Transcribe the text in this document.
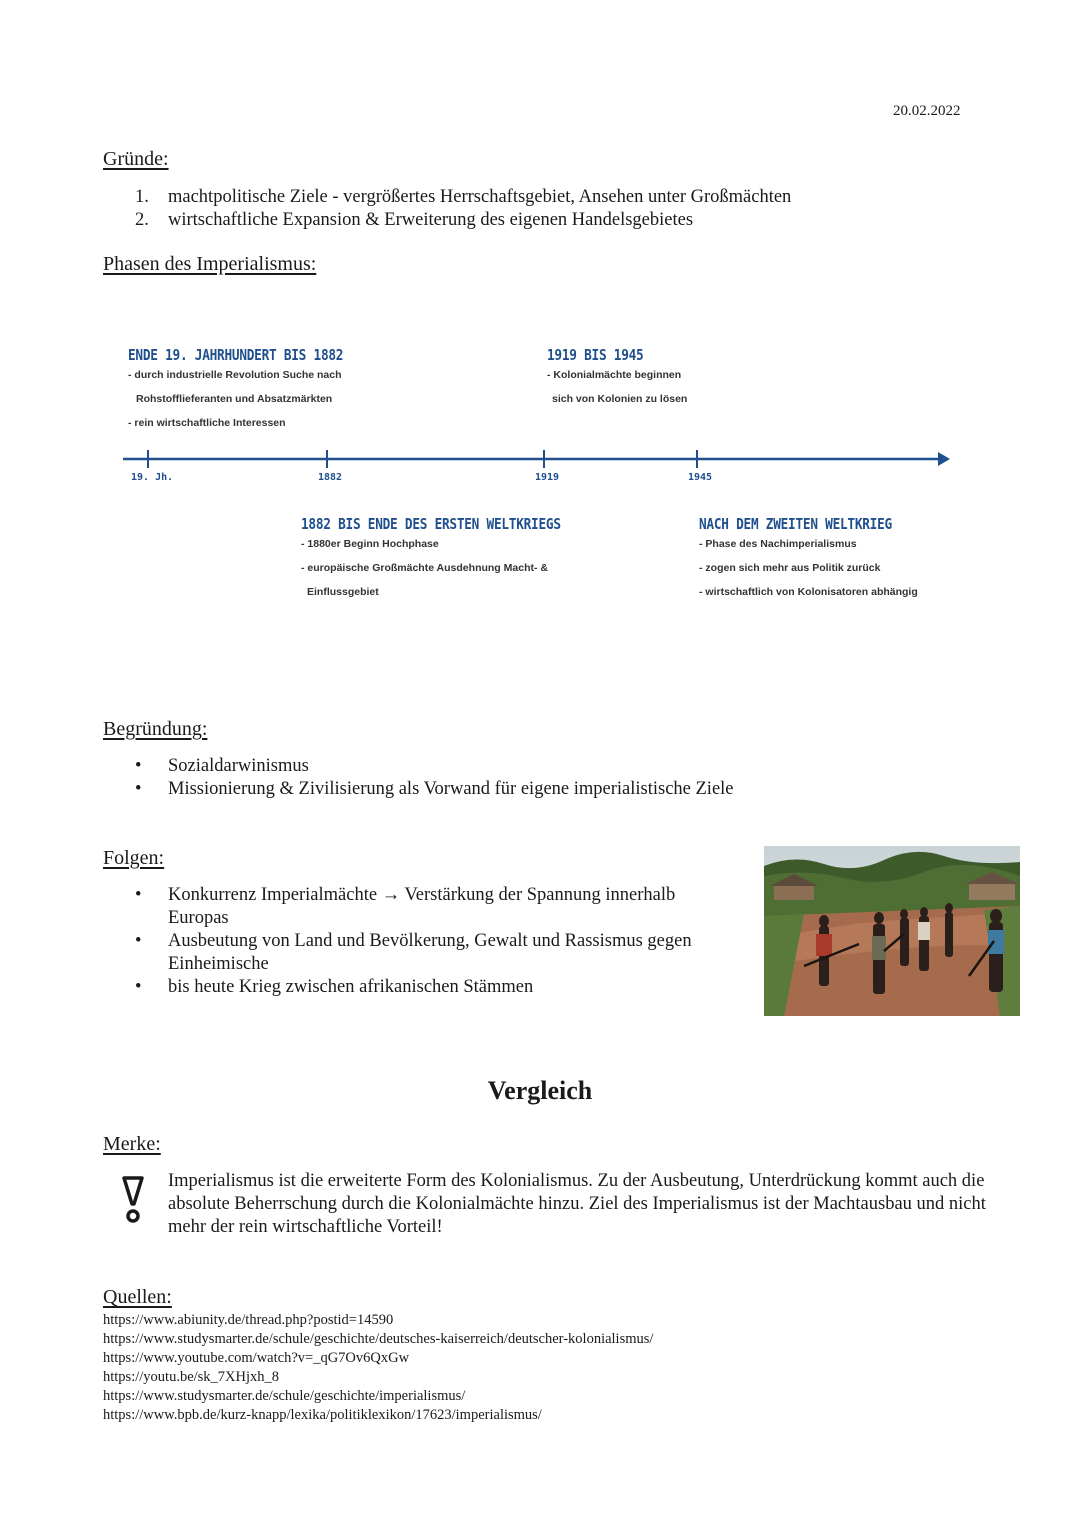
20.02.2022
Gründe:
1.	machtpolitische Ziele - vergrößertes Herrschaftsgebiet, Ansehen unter Großmächten
2.	wirtschaftliche Expansion & Erweiterung des eigenen Handelsgebietes
Phasen des Imperialismus:
19. Jh.	1882	1919	1945
ENDE 19. JAHRHUNDERT BIS 1882
- durch industrielle Revolution Suche nach
Rohstofflieferanten und Absatzmärkten
- rein wirtschaftliche Interessen
1919 BIS 1945
- Kolonialmächte beginnen
sich von Kolonien zu lösen
1882 BIS ENDE DES ERSTEN WELTKRIEGS
- 1880er Beginn Hochphase
- europäische Großmächte Ausdehnung Macht- &
Einflussgebiet
NACH DEM ZWEITEN WELTKRIEG
- Phase des Nachimperialismus
- zogen sich mehr aus Politik zurück
- wirtschaftlich von Kolonisatoren abhängig
Begründung:
•	Sozialdarwinismus
•	Missionierung & Zivilisierung als Vorwand für eigene imperialistische Ziele
Folgen:
•	Konkurrenz Imperialmächte → Verstärkung der Spannung innerhalb
Europas
•	Ausbeutung von Land und Bevölkerung, Gewalt und Rassismus gegen
Einheimische
•	bis heute Krieg zwischen afrikanischen Stämmen
Vergleich
Merke:
Imperialismus ist die erweiterte Form des Kolonialismus. Zu der Ausbeutung, Unterdrückung kommt auch die absolute Beherrschung durch die Kolonialmächte hinzu. Ziel des Imperialismus ist der Machtausbau und nicht mehr der rein wirtschaftliche Vorteil!
Quellen:
https://www.abiunity.de/thread.php?postid=14590
https://www.studysmarter.de/schule/geschichte/deutsches-kaiserreich/deutscher-kolonialismus/
https://www.youtube.com/watch?v=_qG7Ov6QxGw
https://youtu.be/sk_7XHjxh_8
https://www.studysmarter.de/schule/geschichte/imperialismus/
https://www.bpb.de/kurz-knapp/lexika/politiklexikon/17623/imperialismus/
